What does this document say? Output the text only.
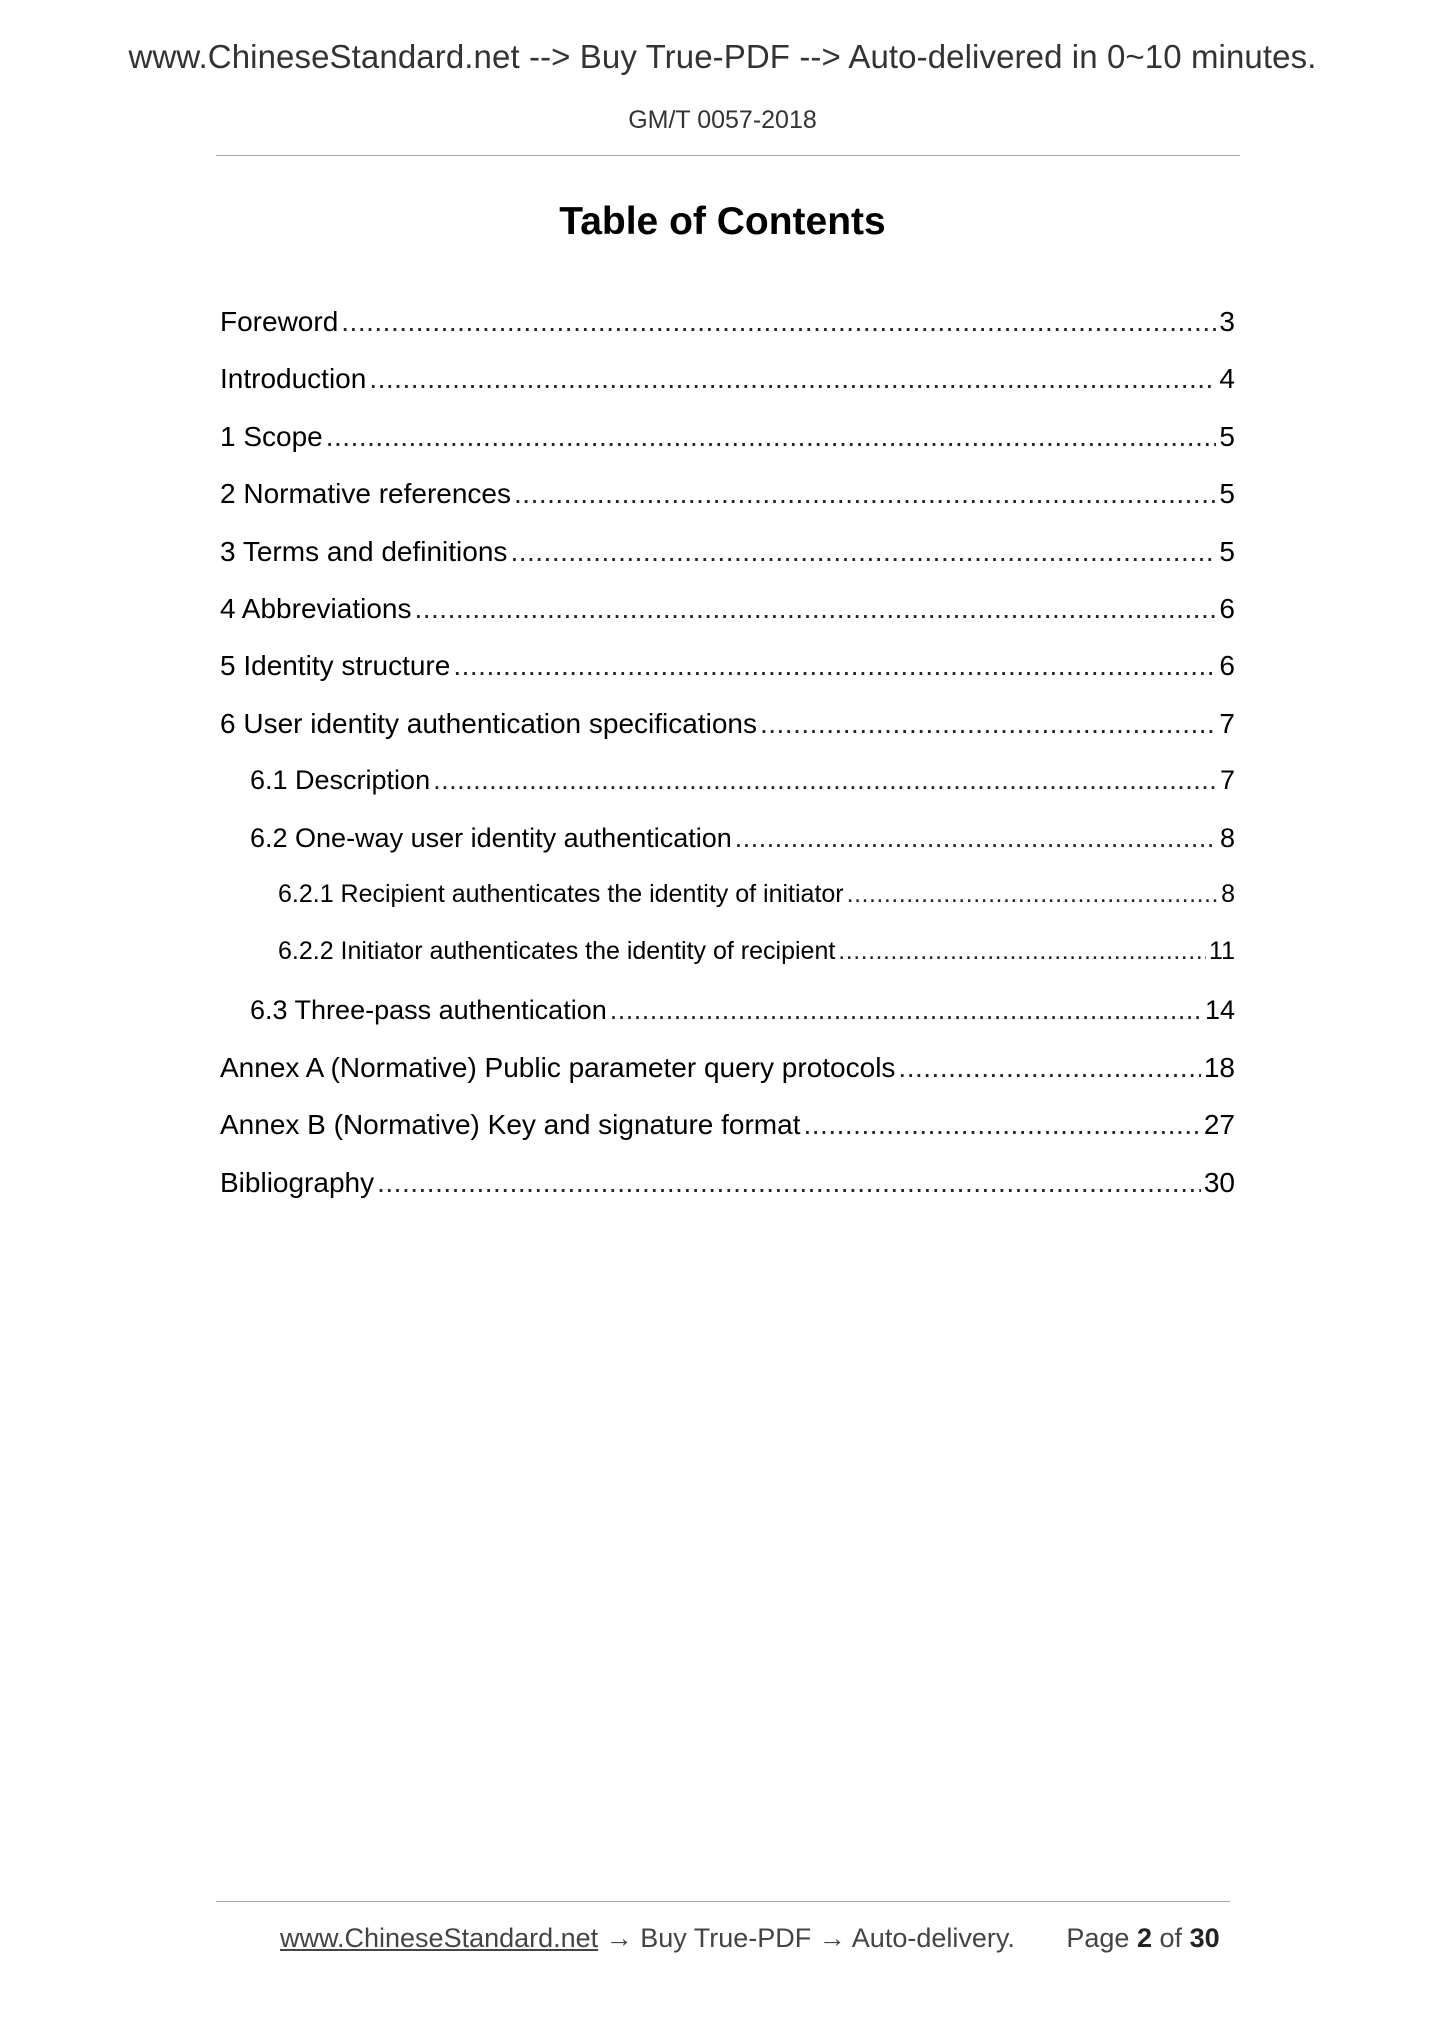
www.ChineseStandard.net --> Buy True-PDF --> Auto-delivered in 0~10 minutes.
GM/T 0057-2018
Table of Contents
Foreword .....	3
Introduction .....	4
1 Scope .....	5
2 Normative references .....	5
3 Terms and definitions .....	5
4 Abbreviations .....	6
5 Identity structure .....	6
6 User identity authentication specifications .....	7
6.1 Description .....	7
6.2 One-way user identity authentication .....	8
6.2.1 Recipient authenticates the identity of initiator .....	8
6.2.2 Initiator authenticates the identity of recipient .....	11
6.3 Three-pass authentication .....	14
Annex A (Normative) Public parameter query protocols .....	18
Annex B (Normative) Key and signature format .....	27
Bibliography .....	30
www.ChineseStandard.net → Buy True-PDF → Auto-delivery. Page 2 of 30
